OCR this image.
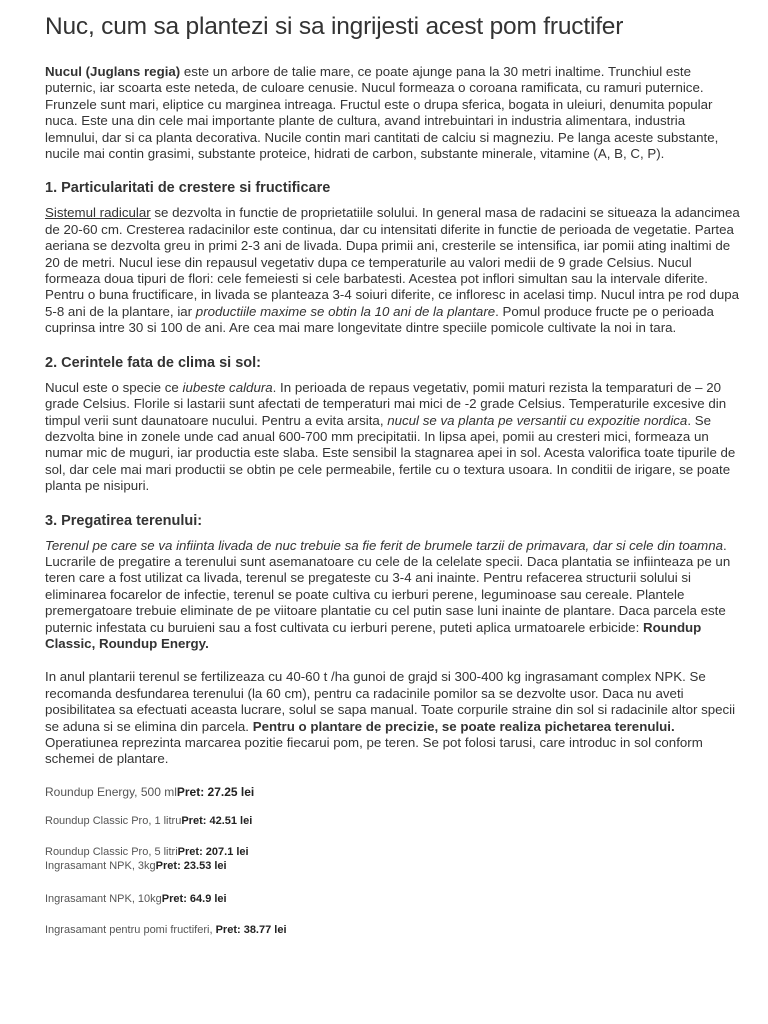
Nuc, cum sa plantezi si sa ingrijesti acest pom fructifer

Nucul (Juglans regia) este un arbore de talie mare, ce poate ajunge pana la 30 metri inaltime. Trunchiul este puternic, iar scoarta este neteda, de culoare cenusie. Nucul formeaza o coroana ramificata, cu ramuri puternice. Frunzele sunt mari, eliptice cu marginea intreaga. Fructul este o drupa sferica, bogata in uleiuri, denumita popular nuca. Este una din cele mai importante plante de cultura, avand intrebuintari in industria alimentara, industria lemnului, dar si ca planta decorativa. Nucile contin mari cantitati de calciu si magneziu. Pe langa aceste substante, nucile mai contin grasimi, substante proteice, hidrati de carbon, substante minerale, vitamine (A, B, C, P).

1. Particularitati de crestere si fructificare

Sistemul radicular se dezvolta in functie de proprietatiile solului. In general masa de radacini se situeaza la adancimea de 20-60 cm. Cresterea radacinilor este continua, dar cu intensitati diferite in functie de perioada de vegetatie. Partea aeriana se dezvolta greu in primi 2-3 ani de livada. Dupa primii ani, cresterile se intensifica, iar pomii ating inaltimi de 20 de metri. Nucul iese din repausul vegetativ dupa ce temperaturile au valori medii de 9 grade Celsius. Nucul formeaza doua tipuri de flori: cele femeiesti si cele barbatesti. Acestea pot inflori simultan sau la intervale diferite. Pentru o buna fructificare, in livada se planteaza 3-4 soiuri diferite, ce infloresc in acelasi timp. Nucul intra pe rod dupa 5-8 ani de la plantare, iar productiile maxime se obtin la 10 ani de la plantare. Pomul produce fructe pe o perioada cuprinsa intre 30 si 100 de ani. Are cea mai mare longevitate dintre speciile pomicole cultivate la noi in tara.

2. Cerintele fata de clima si sol:

Nucul este o specie ce iubeste caldura. In perioada de repaus vegetativ, pomii maturi rezista la temparaturi de – 20 grade Celsius. Florile si lastarii sunt afectati de temperaturi mai mici de -2 grade Celsius. Temperaturile excesive din timpul verii sunt daunatoare nucului. Pentru a evita arsita, nucul se va planta pe versantii cu expozitie nordica. Se dezvolta bine in zonele unde cad anual 600-700 mm precipitatii. In lipsa apei, pomii au cresteri mici, formeaza un numar mic de muguri, iar productia este slaba. Este sensibil la stagnarea apei in sol. Acesta valorifica toate tipurile de sol, dar cele mai mari productii se obtin pe cele permeabile, fertile cu o textura usoara. In conditii de irigare, se poate planta pe nisipuri.

3. Pregatirea terenului:

Terenul pe care se va infiinta livada de nuc trebuie sa fie ferit de brumele tarzii de primavara, dar si cele din toamna. Lucrarile de pregatire a terenului sunt asemanatoare cu cele de la celelate specii. Daca plantatia se infiinteaza pe un teren care a fost utilizat ca livada, terenul se pregateste cu 3-4 ani inainte. Pentru refacerea structurii solului si eliminarea focarelor de infectie, terenul se poate cultiva cu ierburi perene, leguminoase sau cereale. Plantele premergatoare trebuie eliminate de pe viitoare plantatie cu cel putin sase luni inainte de plantare. Daca parcela este puternic infestata cu buruieni sau a fost cultivata cu ierburi perene, puteti aplica urmatoarele erbicide: Roundup Classic, Roundup Energy.

In anul plantarii terenul se fertilizeaza cu 40-60 t /ha gunoi de grajd si 300-400 kg ingrasamant complex NPK. Se recomanda desfundarea terenului (la 60 cm), pentru ca radacinile pomilor sa se dezvolte usor. Daca nu aveti posibilitatea sa efectuati aceasta lucrare, solul se sapa manual. Toate corpurile straine din sol si radacinile altor specii se aduna si se elimina din parcela. Pentru o plantare de precizie, se poate realiza pichetarea terenului. Operatiunea reprezinta marcarea pozitie fiecarui pom, pe teren. Se pot folosi tarusi, care introduc in sol conform schemei de plantare.

Roundup Energy, 500 mlPret: 27.25 lei
Roundup Classic Pro, 1 litruPret: 42.51 lei
Roundup Classic Pro, 5 litriPret: 207.1 lei
Ingrasamant NPK, 3kgPret: 23.53 lei
Ingrasamant NPK, 10kgPret: 64.9 lei
Ingrasamant pentru pomi fructiferi, Pret: 38.77 lei
